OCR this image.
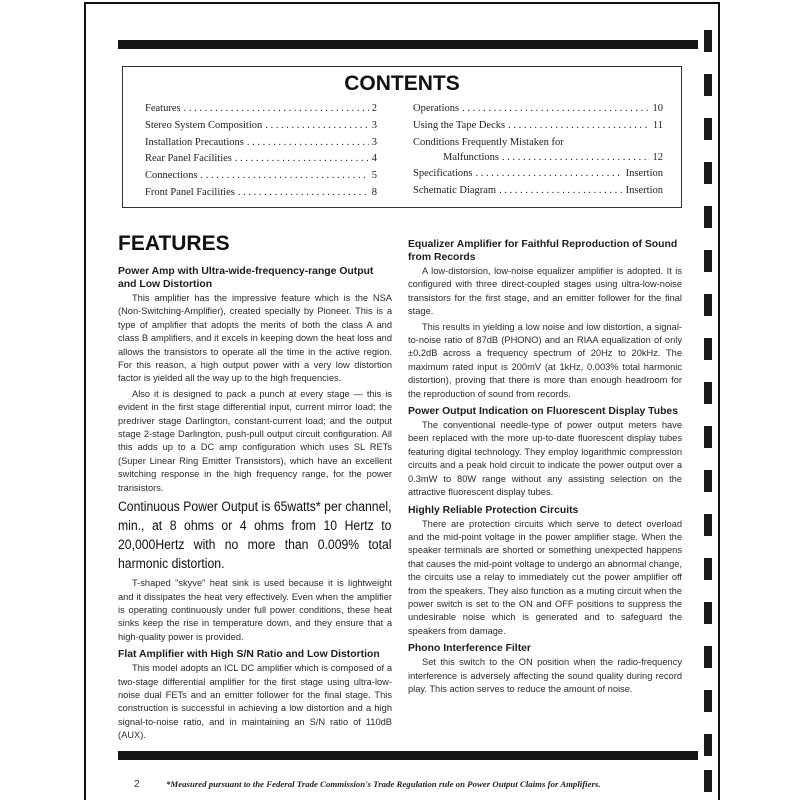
CONTENTS
Features . . .	2
Stereo System Composition . . .	3
Installation Precautions . . .	3
Rear Panel Facilities . . .	4
Connections . . .	5
Front Panel Facilities . . .	8
Operations . . .	10
Using the Tape Decks . . .	11
Conditions Frequently Mistaken for
Malfunctions . . .	12
Specifications . . .	Insertion
Schematic Diagram . . .	Insertion
FEATURES
Power Amp with Ultra-wide-frequency-range Output and Low Distortion

This amplifier has the impressive feature which is the NSA (Non-Switching-Amplifier), created specially by Pioneer. This is a type of amplifier that adopts the merits of both the class A and class B amplifiers, and it excels in keeping down the heat loss and allows the transistors to operate all the time in the active region. For this reason, a high output power with a very low distortion factor is yielded all the way up to the high frequencies.

Also it is designed to pack a punch at every stage — this is evident in the first stage differential input, current mirror load; the predriver stage Darlington, constant-current load; and the output stage 2-stage Darlington, push-pull output circuit configuration. All this adds up to a DC amp configuration which uses SL RETs (Super Linear Ring Emitter Transistors), which have an excellent switching response in the high frequency range, for the power transistors.

Continuous Power Output is 65watts* per channel, min., at 8 ohms or 4 ohms from 10 Hertz to 20,000Hertz with no more than 0.009% total harmonic distortion.

T-shaped "skyve" heat sink is used because it is lightweight and it dissipates the heat very effectively. Even when the amplifier is operating continuously under full power conditions, these heat sinks keep the rise in temperature down, and they ensure that a high-quality power is provided.

Flat Amplifier with High S/N Ratio and Low Distortion

This model adopts an ICL DC amplifier which is composed of a two-stage differential amplifier for the first stage using ultra-low-noise dual FETs and an emitter follower for the final stage. This construction is successful in achieving a low distortion and a high signal-to-noise ratio, and in maintaining an S/N ratio of 110dB (AUX).

Equalizer Amplifier for Faithful Reproduction of Sound from Records

A low-distorsion, low-noise equalizer amplifier is adopted. It is configured with three direct-coupled stages using ultra-low-noise transistors for the first stage, and an emitter follower for the final stage.

This results in yielding a low noise and low distortion, a signal-to-noise ratio of 87dB (PHONO) and an RIAA equalization of only ±0.2dB across a frequency spectrum of 20Hz to 20kHz. The maximum rated input is 200mV (at 1kHz, 0.003% total harmonic distortion), proving that there is more than enough headroom for the reproduction of sound from records.

Power Output Indication on Fluorescent Display Tubes

The conventional needle-type of power output meters have been replaced with the more up-to-date fluorescent display tubes featuring digital technology. They employ logarithmic compression circuits and a peak hold circuit to indicate the power output over a 0.3mW to 80W range without any assisting selection on the attractive fluorescent display tubes.

Highly Reliable Protection Circuits

There are protection circuits which serve to detect overload and the mid-point voltage in the power amplifier stage. When the speaker terminals are shorted or something unexpected happens that causes the mid-point voltage to undergo an abnormal change, the circuits use a relay to immediately cut the power amplifier off from the speakers. They also function as a muting circuit when the power switch is set to the ON and OFF positions to suppress the undesirable noise which is generated and to safeguard the speakers from damage.

Phono Interference Filter

Set this switch to the ON position when the radio-frequency interference is adversely affecting the sound quality during record play. This action serves to reduce the amount of noise.

2	*Measured pursuant to the Federal Trade Commission's Trade Regulation rule on Power Output Claims for Amplifiers.
